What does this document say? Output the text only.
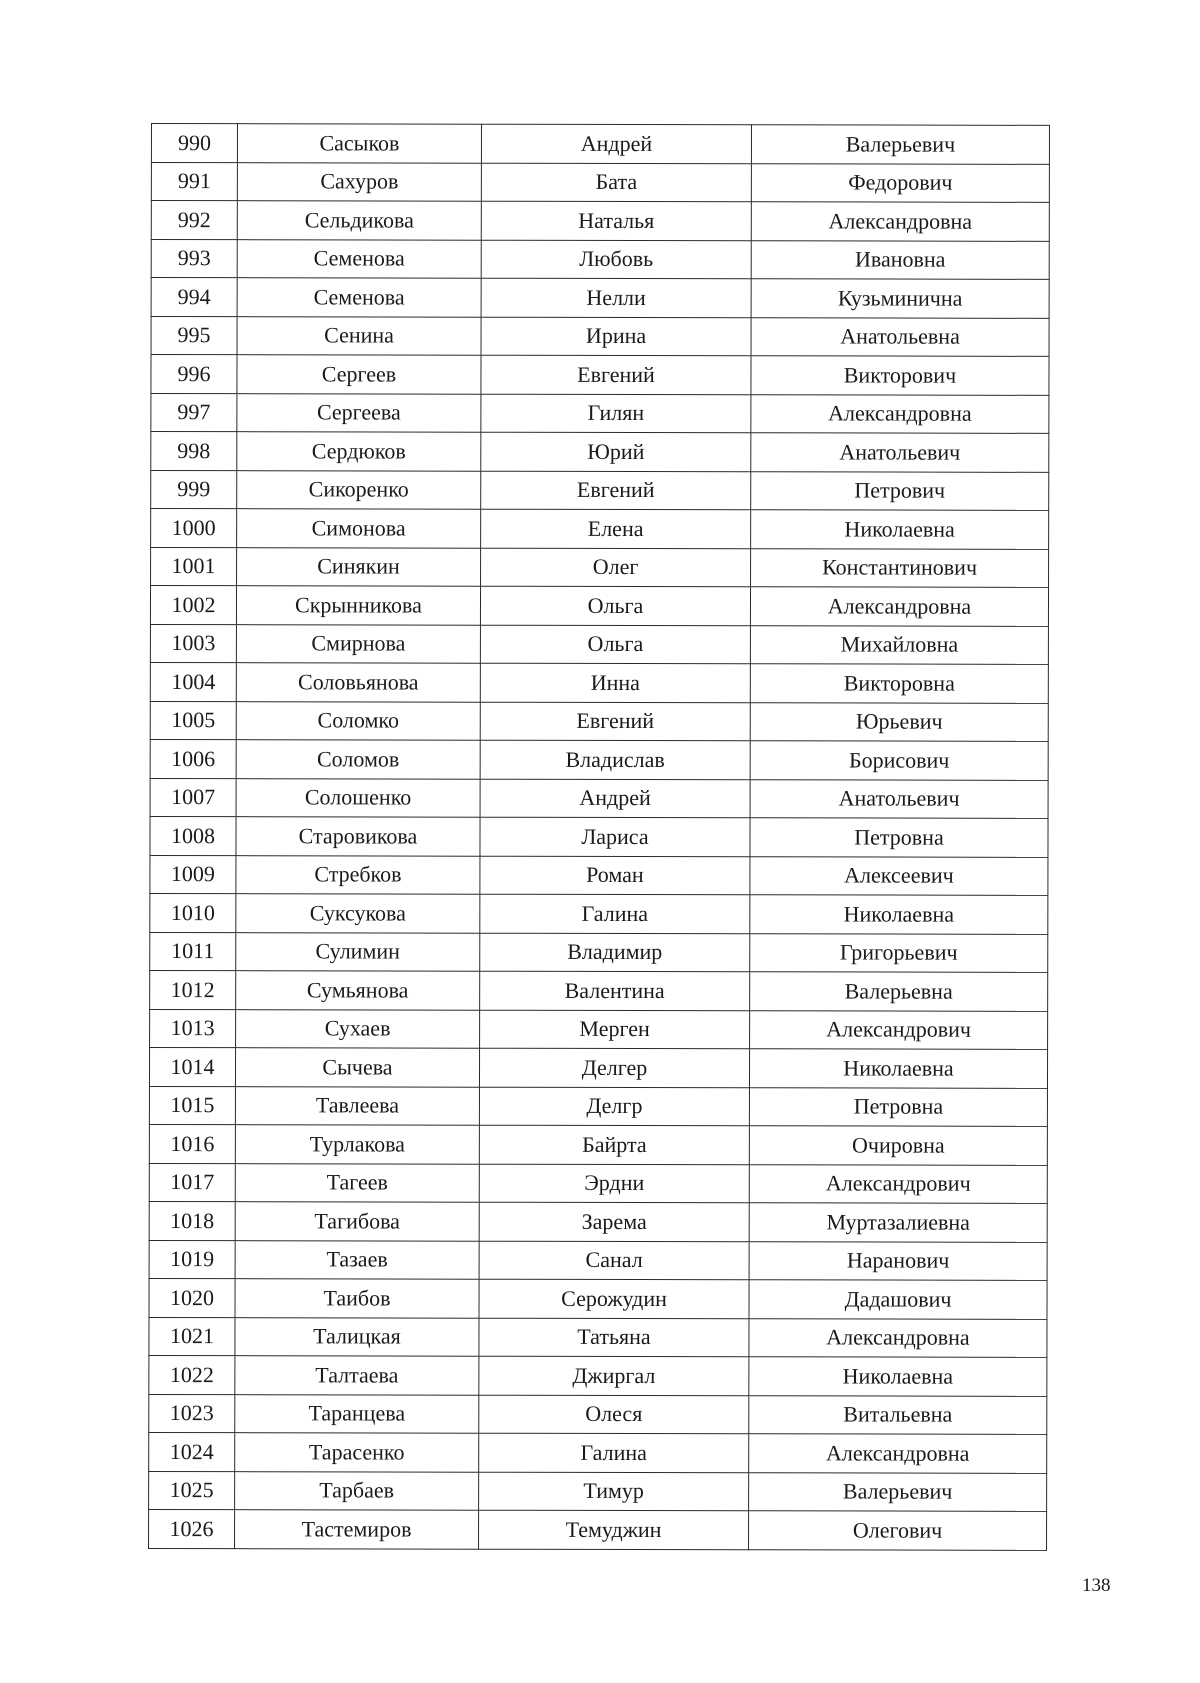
990	Сасыков	Андрей	Валерьевич
991	Сахуров	Бата	Федорович
992	Сельдикова	Наталья	Александровна
993	Семенова	Любовь	Ивановна
994	Семенова	Нелли	Кузьминична
995	Сенина	Ирина	Анатольевна
996	Сергеев	Евгений	Викторович
997	Сергеева	Гилян	Александровна
998	Сердюков	Юрий	Анатольевич
999	Сикоренко	Евгений	Петрович
1000	Симонова	Елена	Николаевна
1001	Синякин	Олег	Константинович
1002	Скрынникова	Ольга	Александровна
1003	Смирнова	Ольга	Михайловна
1004	Соловьянова	Инна	Викторовна
1005	Соломко	Евгений	Юрьевич
1006	Соломов	Владислав	Борисович
1007	Солошенко	Андрей	Анатольевич
1008	Старовикова	Лариса	Петровна
1009	Стребков	Роман	Алексеевич
1010	Суксукова	Галина	Николаевна
1011	Сулимин	Владимир	Григорьевич
1012	Сумьянова	Валентина	Валерьевна
1013	Сухаев	Мерген	Александрович
1014	Сычева	Делгер	Николаевна
1015	Тавлеева	Делгр	Петровна
1016	Турлакова	Байрта	Очировна
1017	Тагеев	Эрдни	Александрович
1018	Тагибова	Зарема	Муртазалиевна
1019	Тазаев	Санал	Наранович
1020	Таибов	Серожудин	Дадашович
1021	Талицкая	Татьяна	Александровна
1022	Талтаева	Джиргал	Николаевна
1023	Таранцева	Олеся	Витальевна
1024	Тарасенко	Галина	Александровна
1025	Тарбаев	Тимур	Валерьевич
1026	Тастемиров	Темуджин	Олегович
138
